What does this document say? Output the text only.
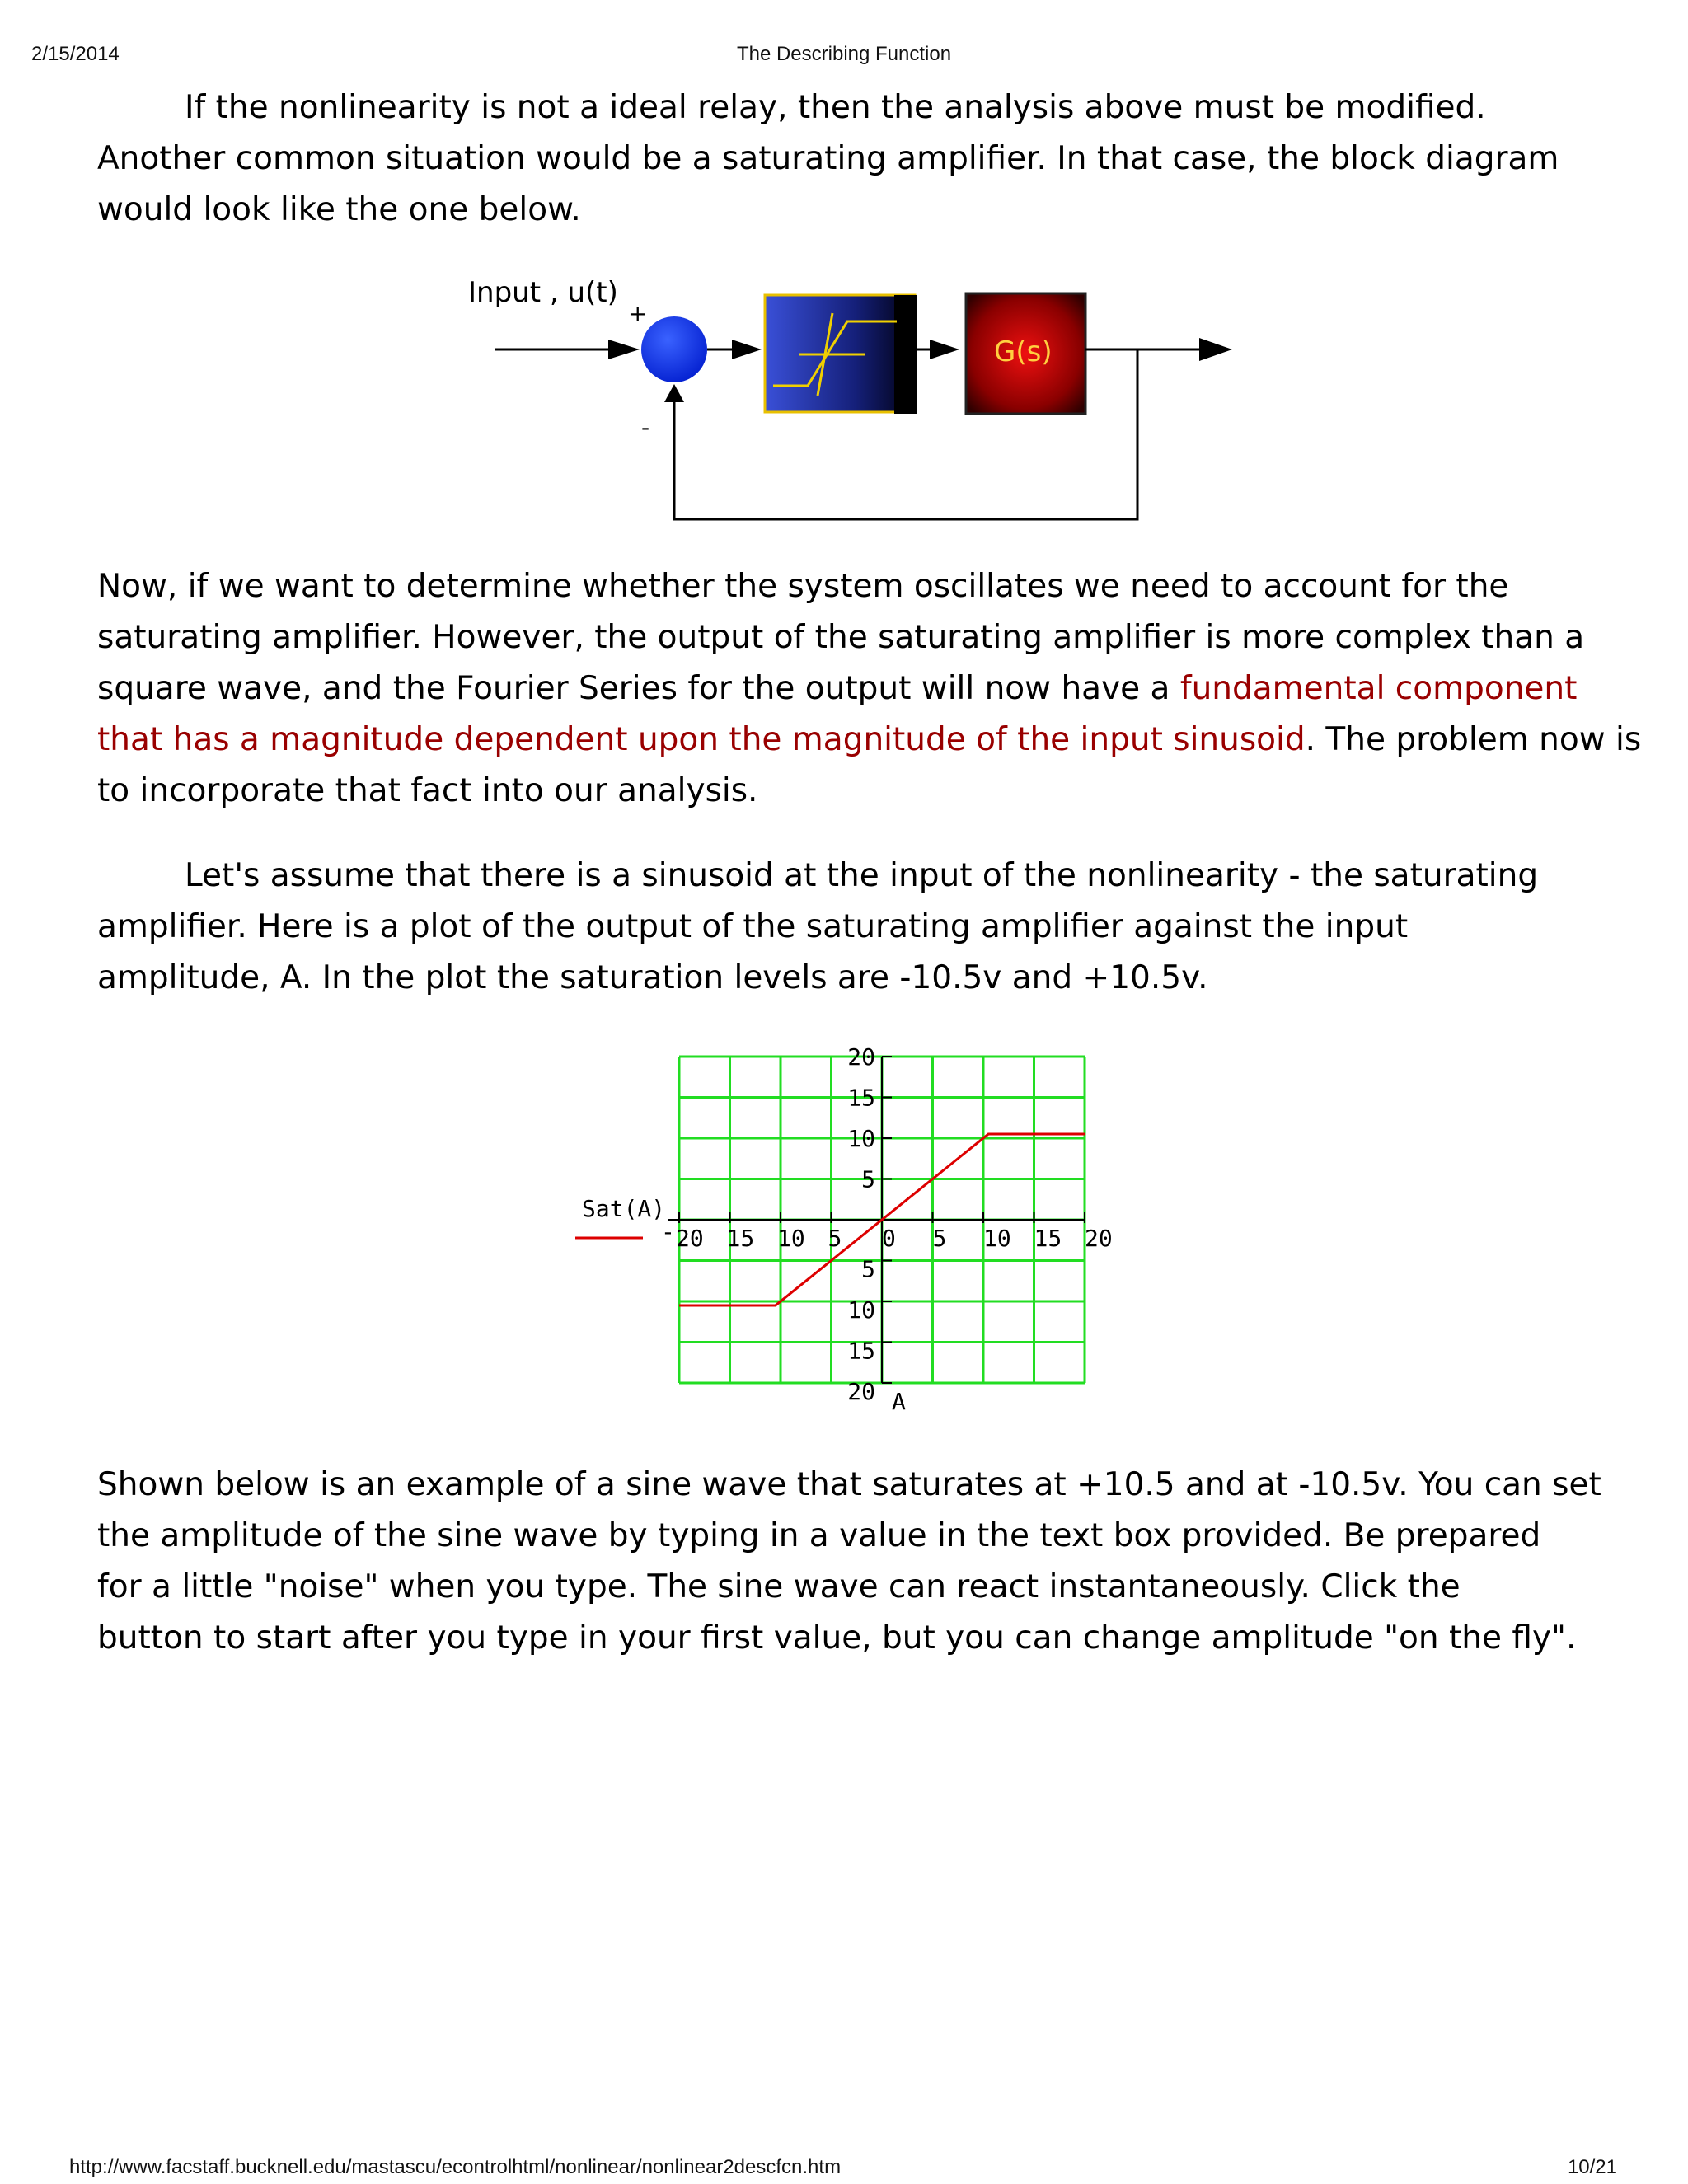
2/15/2014	The Describing Function
If the nonlinearity is not a ideal relay, then the analysis above must be modified.
Another common situation would be a saturating amplifier. In that case, the block diagram
would look like the one below.
Input , u(t)
+
-
G(s)
Now, if we want to determine whether the system oscillates we need to account for the
saturating amplifier. However, the output of the saturating amplifier is more complex than a
square wave, and the Fourier Series for the output will now have a fundamental component
that has a magnitude dependent upon the magnitude of the input sinusoid. The problem now is
to incorporate that fact into our analysis.
Let's assume that there is a sinusoid at the input of the nonlinearity - the saturating
amplifier. Here is a plot of the output of the saturating amplifier against the input
amplitude, A. In the plot the saturation levels are -10.5v and +10.5v.
20 15 10 5 0 5 10 15 20
-
20
15
10
5
5
10
15
20 A
Sat(A)
Shown below is an example of a sine wave that saturates at +10.5 and at -10.5v. You can set
the amplitude of the sine wave by typing in a value in the text box provided. Be prepared
for a little "noise" when you type. The sine wave can react instantaneously. Click the
button to start after you type in your first value, but you can change amplitude "on the fly".
http://www.facstaff.bucknell.edu/mastascu/econtrolhtml/nonlinear/nonlinear2descfcn.htm	10/21
